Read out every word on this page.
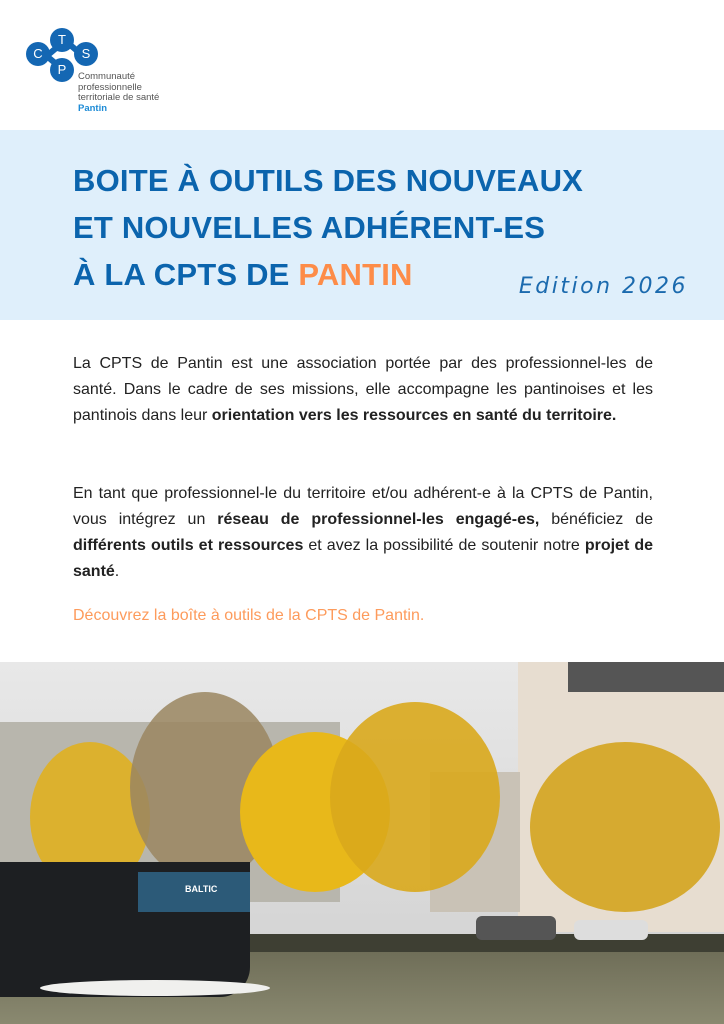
C
T
P
S
Communauté
professionnelle
territoriale de santé
Pantin
BOITE À OUTILS DES NOUVEAUX
ET NOUVELLES ADHÉRENT-ES
À LA CPTS DE PANTIN	Edition 2026

La CPTS de Pantin est une association portée par des professionnel-les de santé. Dans le cadre de ses missions, elle accompagne les pantinoises et les pantinois dans leur orientation vers les ressources en santé du territoire.

En tant que professionnel-le du territoire et/ou adhérent-e à la CPTS de Pantin, vous intégrez un réseau de professionnel-les engagé-es, bénéficiez de différents outils et ressources et avez la possibilité de soutenir notre projet de santé.

Découvrez la boîte à outils de la CPTS de Pantin.
BALTIC
